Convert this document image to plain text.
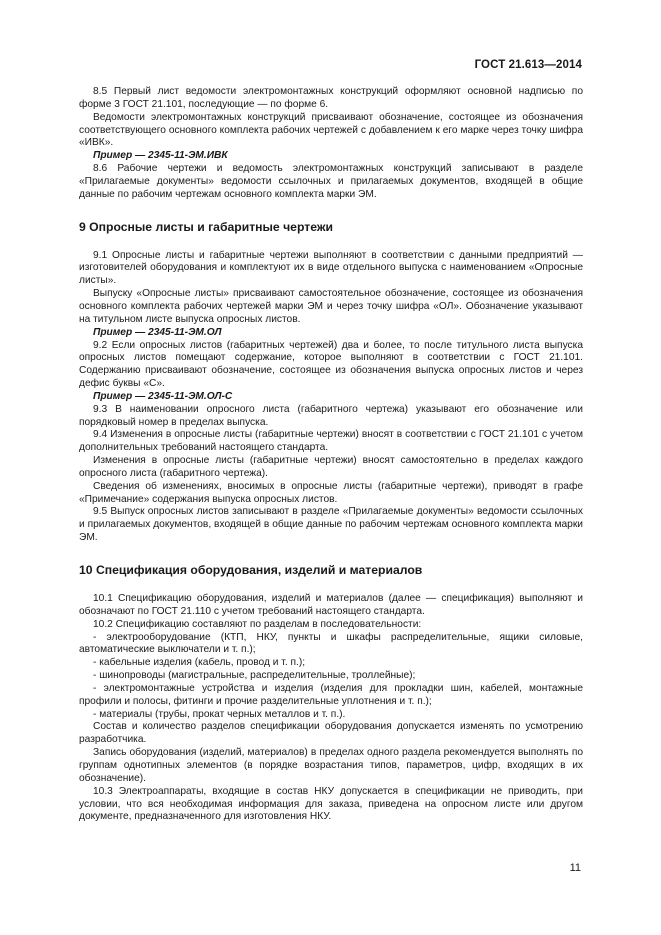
ГОСТ 21.613—2014

8.5 Первый лист ведомости электромонтажных конструкций оформляют основной надписью по форме 3 ГОСТ 21.101, последующие — по форме 6.

Ведомости электромонтажных конструкций присваивают обозначение, состоящее из обозначения соответствующего основного комплекта рабочих чертежей с добавлением к его марке через точку шифра «ИВК».

Пример — 2345-11-ЭМ.ИВК

8.6 Рабочие чертежи и ведомость электромонтажных конструкций записывают в разделе «Прилагаемые документы» ведомости ссылочных и прилагаемых документов, входящей в общие данные по рабочим чертежам основного комплекта марки ЭМ.

9 Опросные листы и габаритные чертежи

9.1 Опросные листы и габаритные чертежи выполняют в соответствии с данными предприятий — изготовителей оборудования и комплектуют их в виде отдельного выпуска с наименованием «Опросные листы».

Выпуску «Опросные листы» присваивают самостоятельное обозначение, состоящее из обозначения основного комплекта рабочих чертежей марки ЭМ и через точку шифра «ОЛ». Обозначение указывают на титульном листе выпуска опросных листов.

Пример — 2345-11-ЭМ.ОЛ

9.2 Если опросных листов (габаритных чертежей) два и более, то после титульного листа выпуска опросных листов помещают содержание, которое выполняют в соответствии с ГОСТ 21.101. Содержанию присваивают обозначение, состоящее из обозначения выпуска опросных листов и через дефис буквы «С».

Пример — 2345-11-ЭМ.ОЛ-С

9.3 В наименовании опросного листа (габаритного чертежа) указывают его обозначение или порядковый номер в пределах выпуска.

9.4 Изменения в опросные листы (габаритные чертежи) вносят в соответствии с ГОСТ 21.101 с учетом дополнительных требований настоящего стандарта.

Изменения в опросные листы (габаритные чертежи) вносят самостоятельно в пределах каждого опросного листа (габаритного чертежа).

Сведения об изменениях, вносимых в опросные листы (габаритные чертежи), приводят в графе «Примечание» содержания выпуска опросных листов.

9.5 Выпуск опросных листов записывают в разделе «Прилагаемые документы» ведомости ссылочных и прилагаемых документов, входящей в общие данные по рабочим чертежам основного комплекта марки ЭМ.

10 Спецификация оборудования, изделий и материалов

10.1 Спецификацию оборудования, изделий и материалов (далее — спецификация) выполняют и обозначают по ГОСТ 21.110 с учетом требований настоящего стандарта.

10.2 Спецификацию составляют по разделам в последовательности:

- электрооборудование (КТП, НКУ, пункты и шкафы распределительные, ящики силовые, автоматические выключатели и т. п.);

- кабельные изделия (кабель, провод и т. п.);

- шинопроводы (магистральные, распределительные, троллейные);

- электромонтажные устройства и изделия (изделия для прокладки шин, кабелей, монтажные профили и полосы, фитинги и прочие разделительные уплотнения и т. п.);

- материалы (трубы, прокат черных металлов и т. п.).

Состав и количество разделов спецификации оборудования допускается изменять по усмотрению разработчика.

Запись оборудования (изделий, материалов) в пределах одного раздела рекомендуется выполнять по группам однотипных элементов (в порядке возрастания типов, параметров, цифр, входящих в их обозначение).

10.3 Электроаппараты, входящие в состав НКУ допускается в спецификации не приводить, при условии, что вся необходимая информация для заказа, приведена на опросном листе или другом документе, предназначенного для изготовления НКУ.

11
